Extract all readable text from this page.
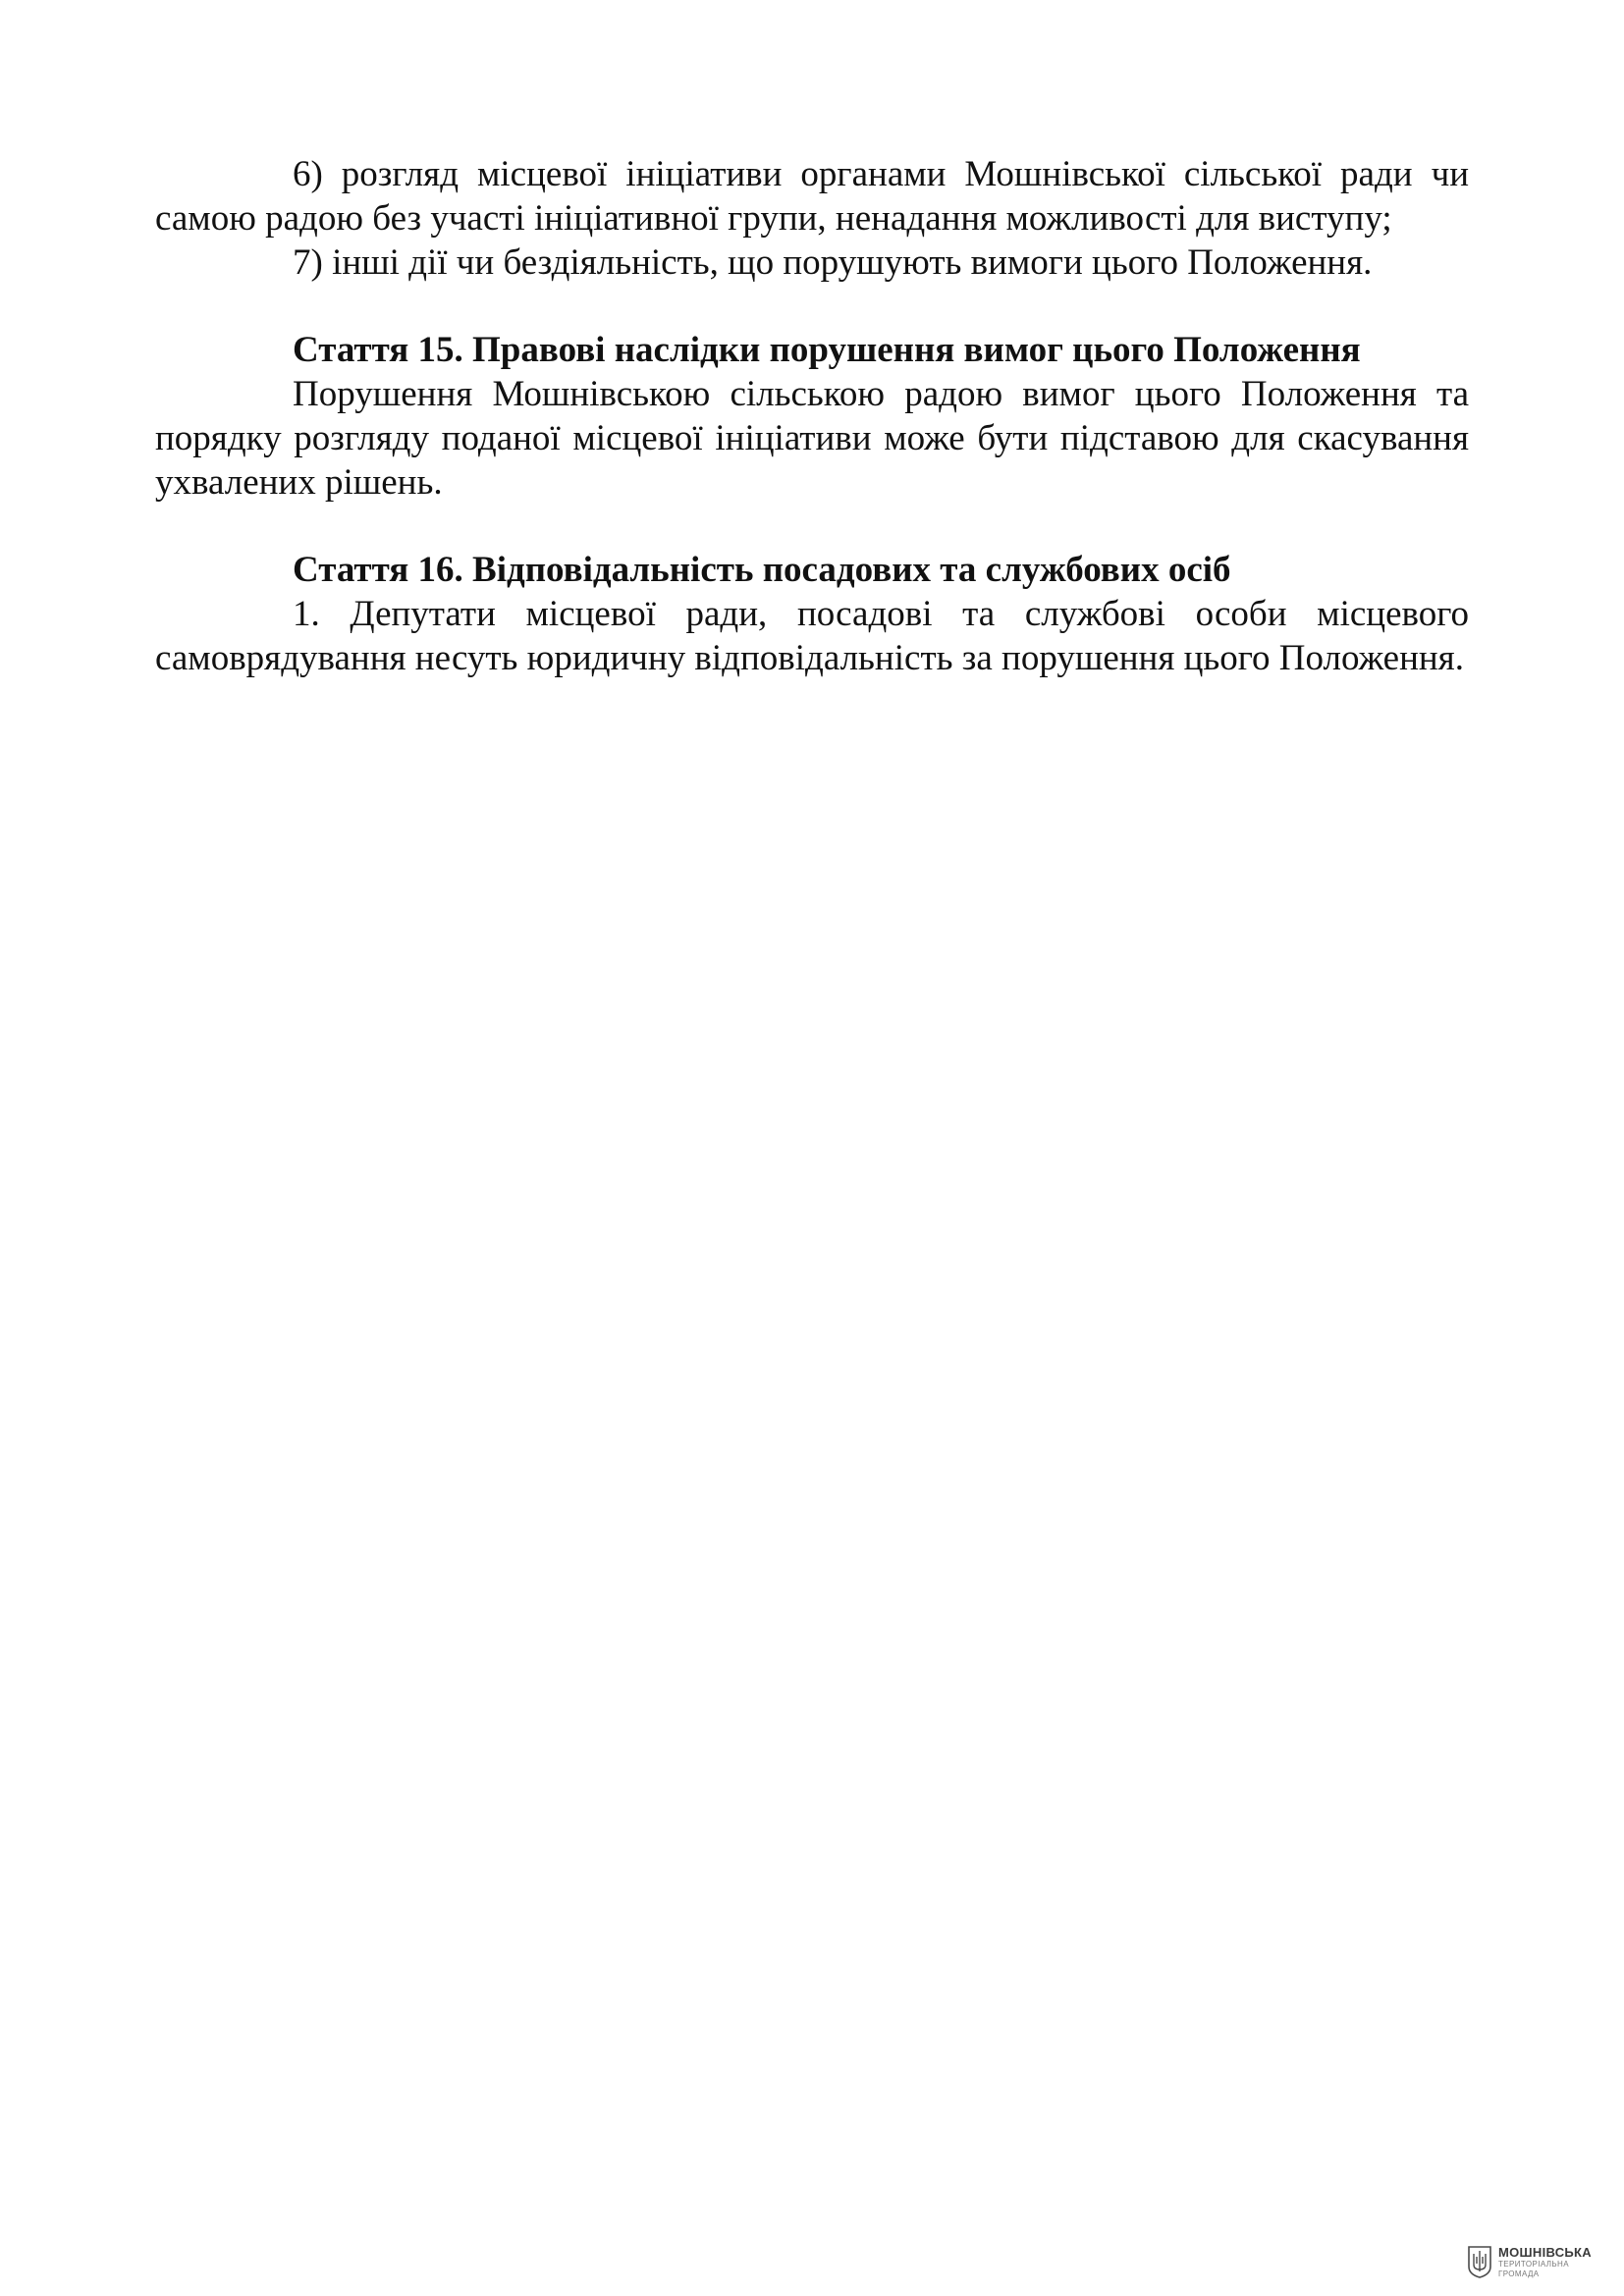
6) розгляд місцевої ініціативи органами Мошнівської сільської ради чи самою радою без участі ініціативної групи, ненадання можливості для виступу;

7) інші дії чи бездіяльність, що порушують вимоги цього Положення.

Стаття 15. Правові наслідки порушення вимог цього Положення

Порушення Мошнівською сільською радою вимог цього Положення та порядку розгляду поданої місцевої ініціативи може бути підставою для скасування ухвалених рішень.

Стаття 16. Відповідальність посадових та службових осіб

1. Депутати місцевої ради, посадові та службові особи місцевого самоврядування несуть юридичну відповідальність за порушення цього Положення.

МОШНІВСЬКА
ТЕРИТОРІАЛЬНА
ГРОМАДА
